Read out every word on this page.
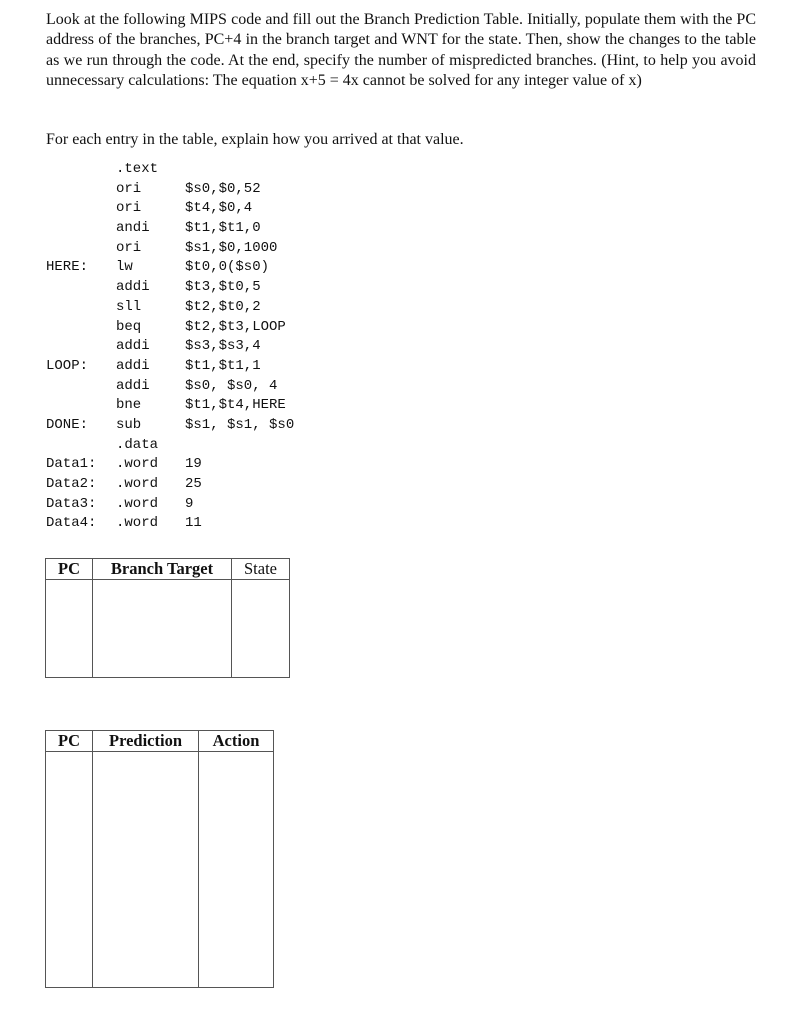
Look at the following MIPS code and fill out the Branch Prediction Table. Initially, populate them with the PC address of the branches, PC+4 in the branch target and WNT for the state. Then, show the changes to the table as we run through the code. At the end, specify the number of mispredicted branches. (Hint, to help you avoid unnecessary calculations: The equation x+5 = 4x cannot be solved for any integer value of x)
For each entry in the table, explain how you arrived at that value.
.text
ori	$s0,$0,52
ori	$t4,$0,4
andi	$t1,$t1,0
ori	$s1,$0,1000
HERE: lw	$t0,0($s0)
addi	$t3,$t0,5
sll	$t2,$t0,2
beq	$t2,$t3,LOOP
addi	$s3,$s3,4
LOOP: addi	$t1,$t1,1
addi	$s0, $s0, 4
bne	$t1,$t4,HERE
DONE: sub	$s1, $s1, $s0
.data
Data1: .word 19
Data2: .word 25
Data3: .word 9
Data4: .word 11
PC	Branch Target	State

PC	Prediction	Action
